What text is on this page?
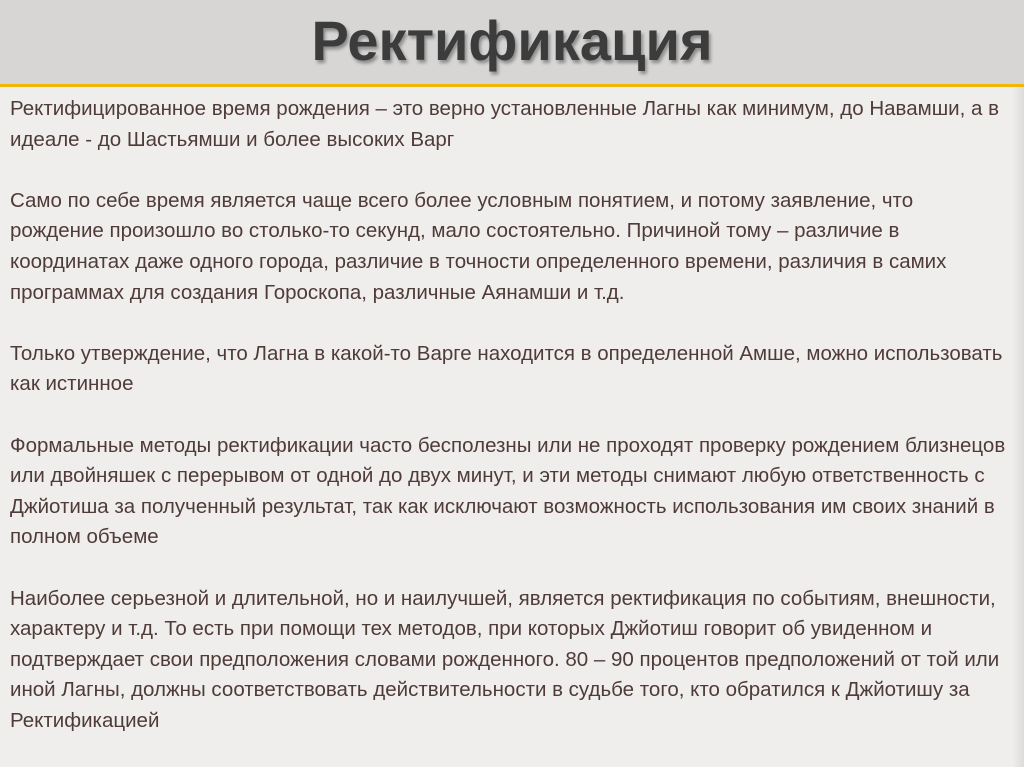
Ректификация

Ректифицированное время рождения – это верно установленные Лагны как минимум, до Навамши, а в идеале - до Шастьямши и более высоких Варг

Само по себе время является чаще всего более условным понятием, и потому заявление, что рождение произошло во столько-то секунд, мало состоятельно. Причиной тому – различие в координатах даже одного города, различие в точности определенного времени, различия в самих программах для создания Гороскопа, различные Аянамши и т.д.

Только утверждение, что Лагна в какой-то Варге находится в определенной Амше, можно использовать как истинное

Формальные методы ректификации часто бесполезны или не проходят проверку рождением близнецов или двойняшек с перерывом от одной до двух минут, и эти методы снимают любую ответственность с Джйотиша за полученный результат, так как исключают возможность использования им своих знаний в полном объеме

Наиболее серьезной и длительной, но и наилучшей, является ректификация по событиям, внешности, характеру и т.д. То есть при помощи тех методов, при которых Джйотиш говорит об увиденном и подтверждает свои предположения словами рожденного. 80 – 90 процентов предположений от той или иной Лагны, должны соответствовать действительности в судьбе того, кто обратился к Джйотишу за Ректификацией
